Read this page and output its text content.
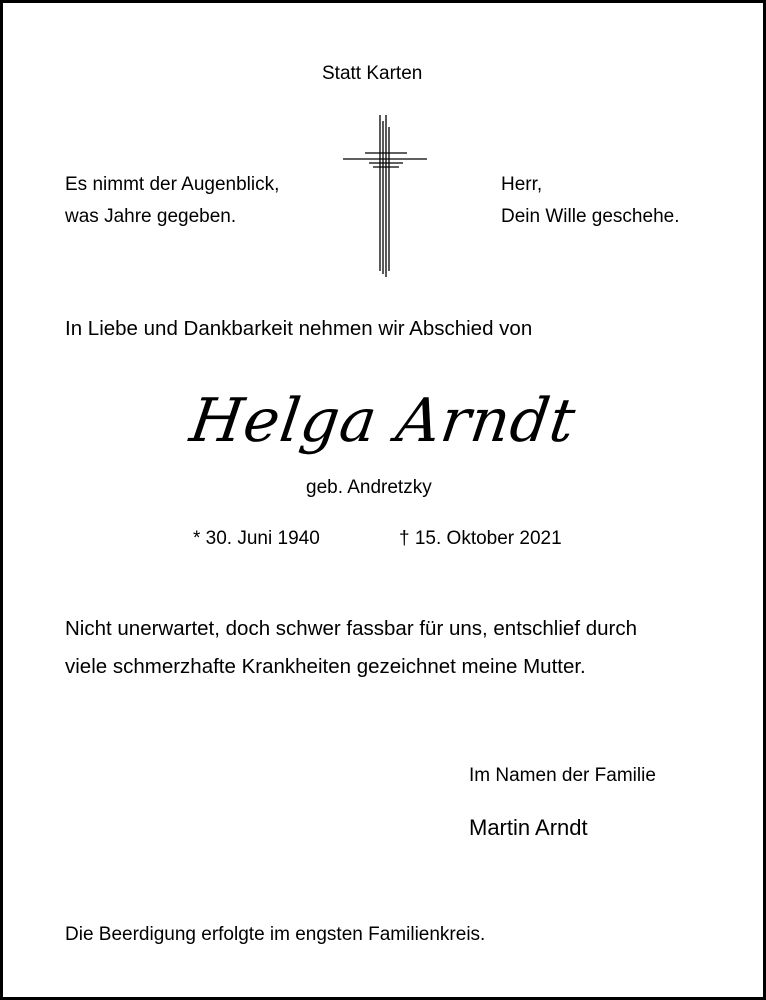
Statt Karten

Es nimmt der Augenblick,

was Jahre gegeben.

Herr,

Dein Wille geschehe.

In Liebe und Dankbarkeit nehmen wir Abschied von

Helga Arndt

geb. Andretzky

* 30. Juni 1940	† 15. Oktober 2021

Nicht unerwartet, doch schwer fassbar für uns, entschlief durch

viele schmerzhafte Krankheiten gezeichnet meine Mutter.

Im Namen der Familie

Martin Arndt

Die Beerdigung erfolgte im engsten Familienkreis.
